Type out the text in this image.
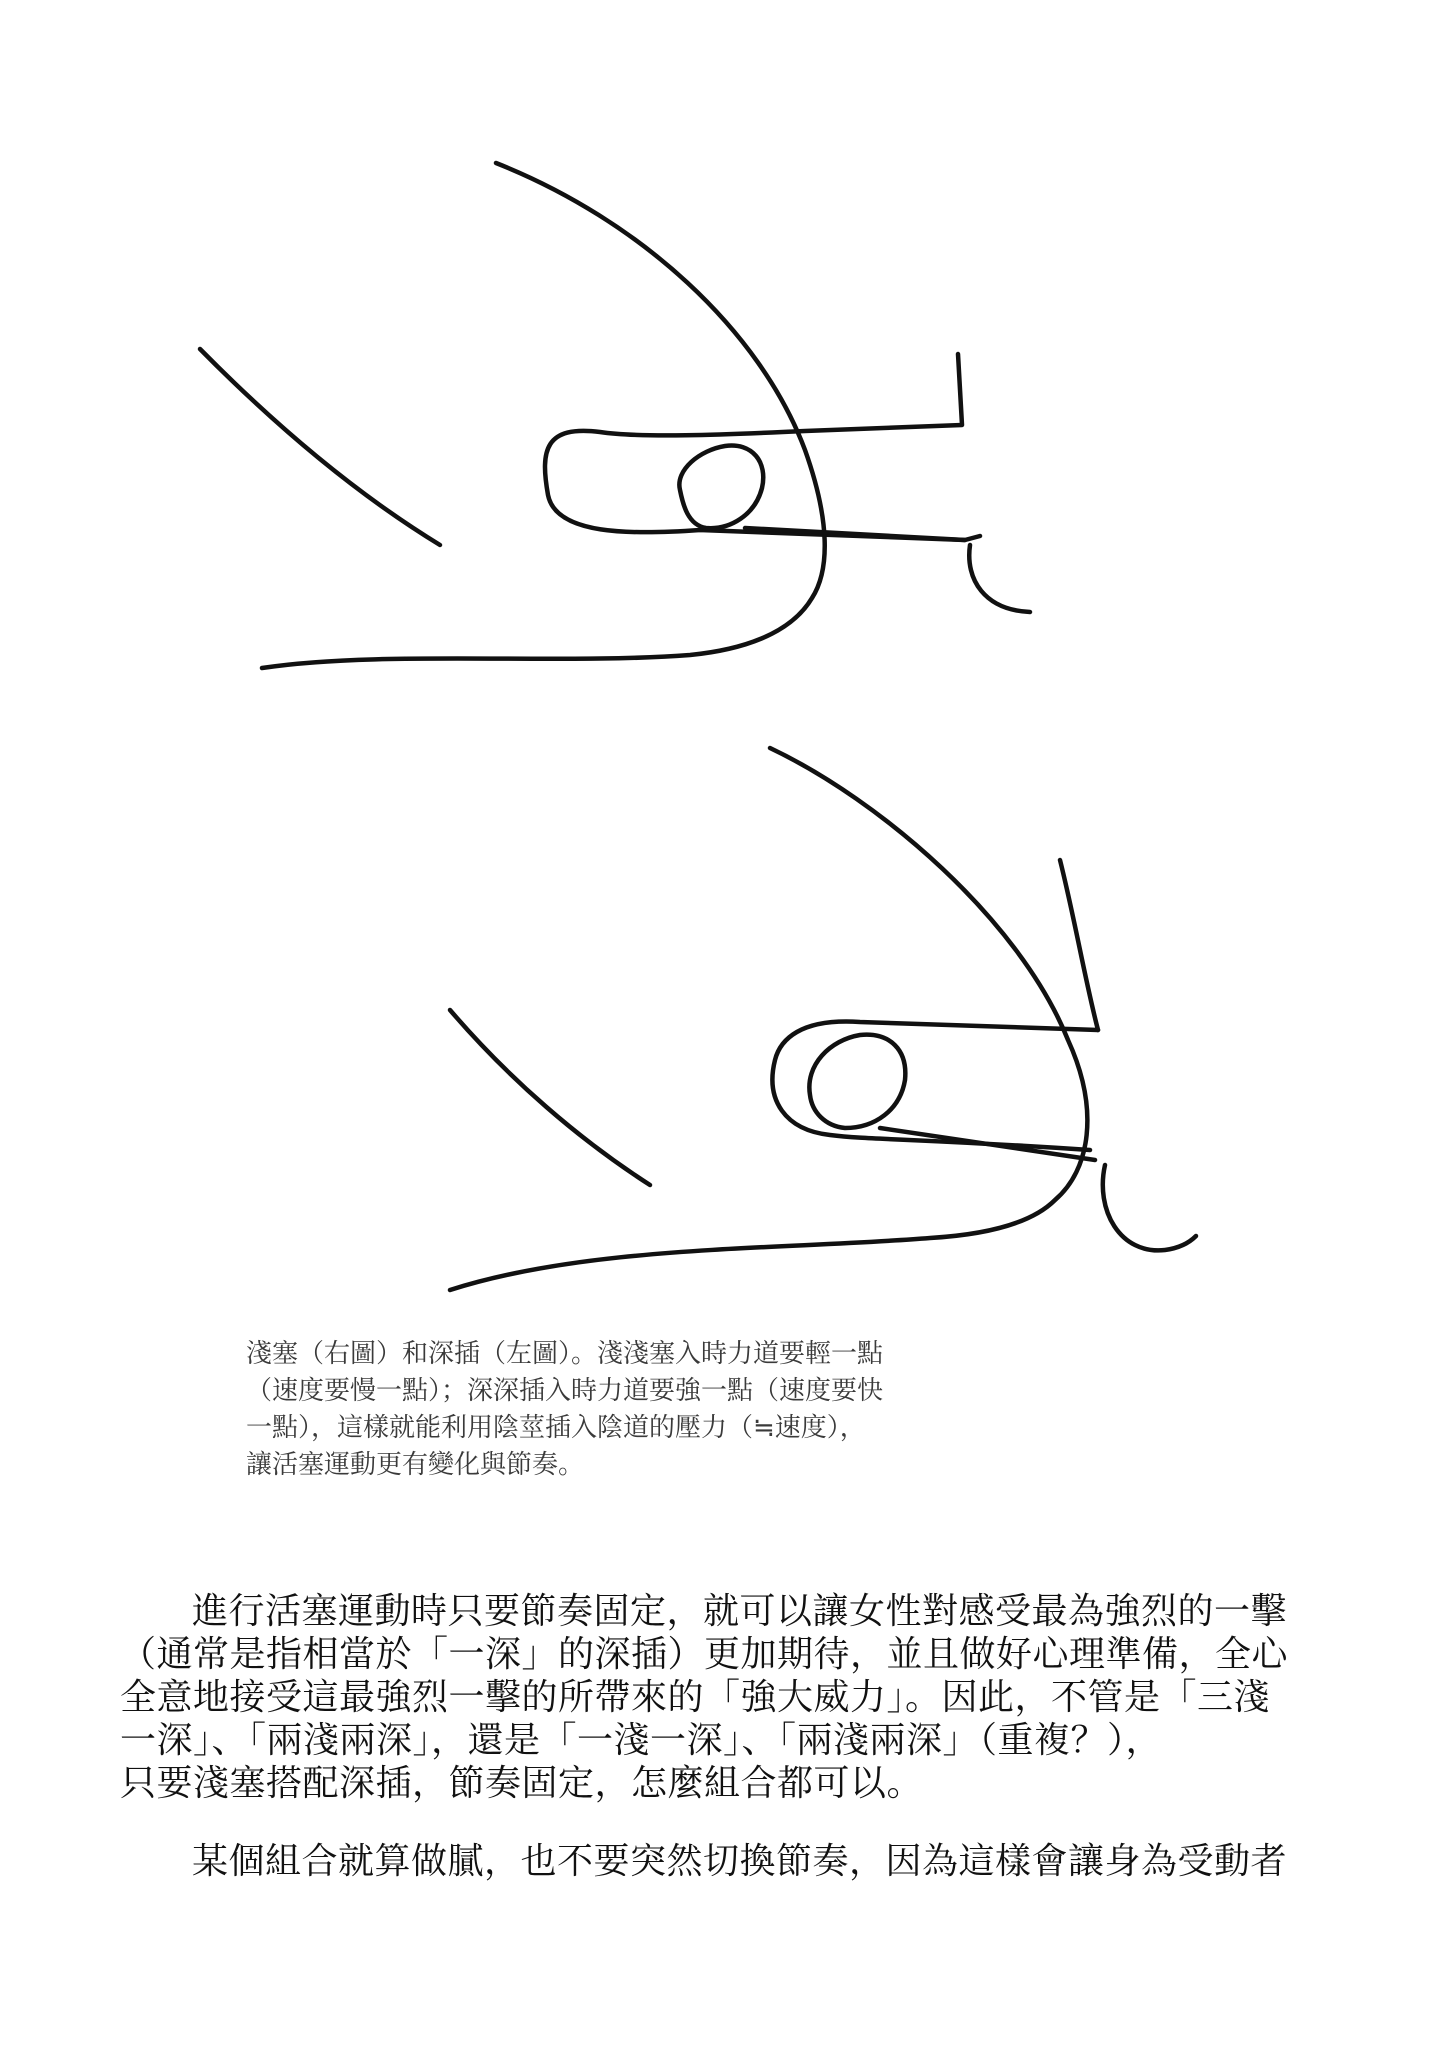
淺塞（右圖）和深插（左圖）。淺淺塞入時力道要輕一點
（速度要慢一點）；深深插入時力道要強一點（速度要快
一點），這樣就能利用陰莖插入陰道的壓力（≒速度），
讓活塞運動更有變化與節奏。
進行活塞運動時只要節奏固定，就可以讓女性對感受最為強烈的一擊
（通常是指相當於「一深」的深插）更加期待，並且做好心理準備，全心
全意地接受這最強烈一擊的所帶來的「強大威力」。因此，不管是「三淺
一深」、「兩淺兩深」，還是「一淺一深」、「兩淺兩深」（重複？），
只要淺塞搭配深插，節奏固定，怎麼組合都可以。
某個組合就算做膩，也不要突然切換節奏，因為這樣會讓身為受動者
